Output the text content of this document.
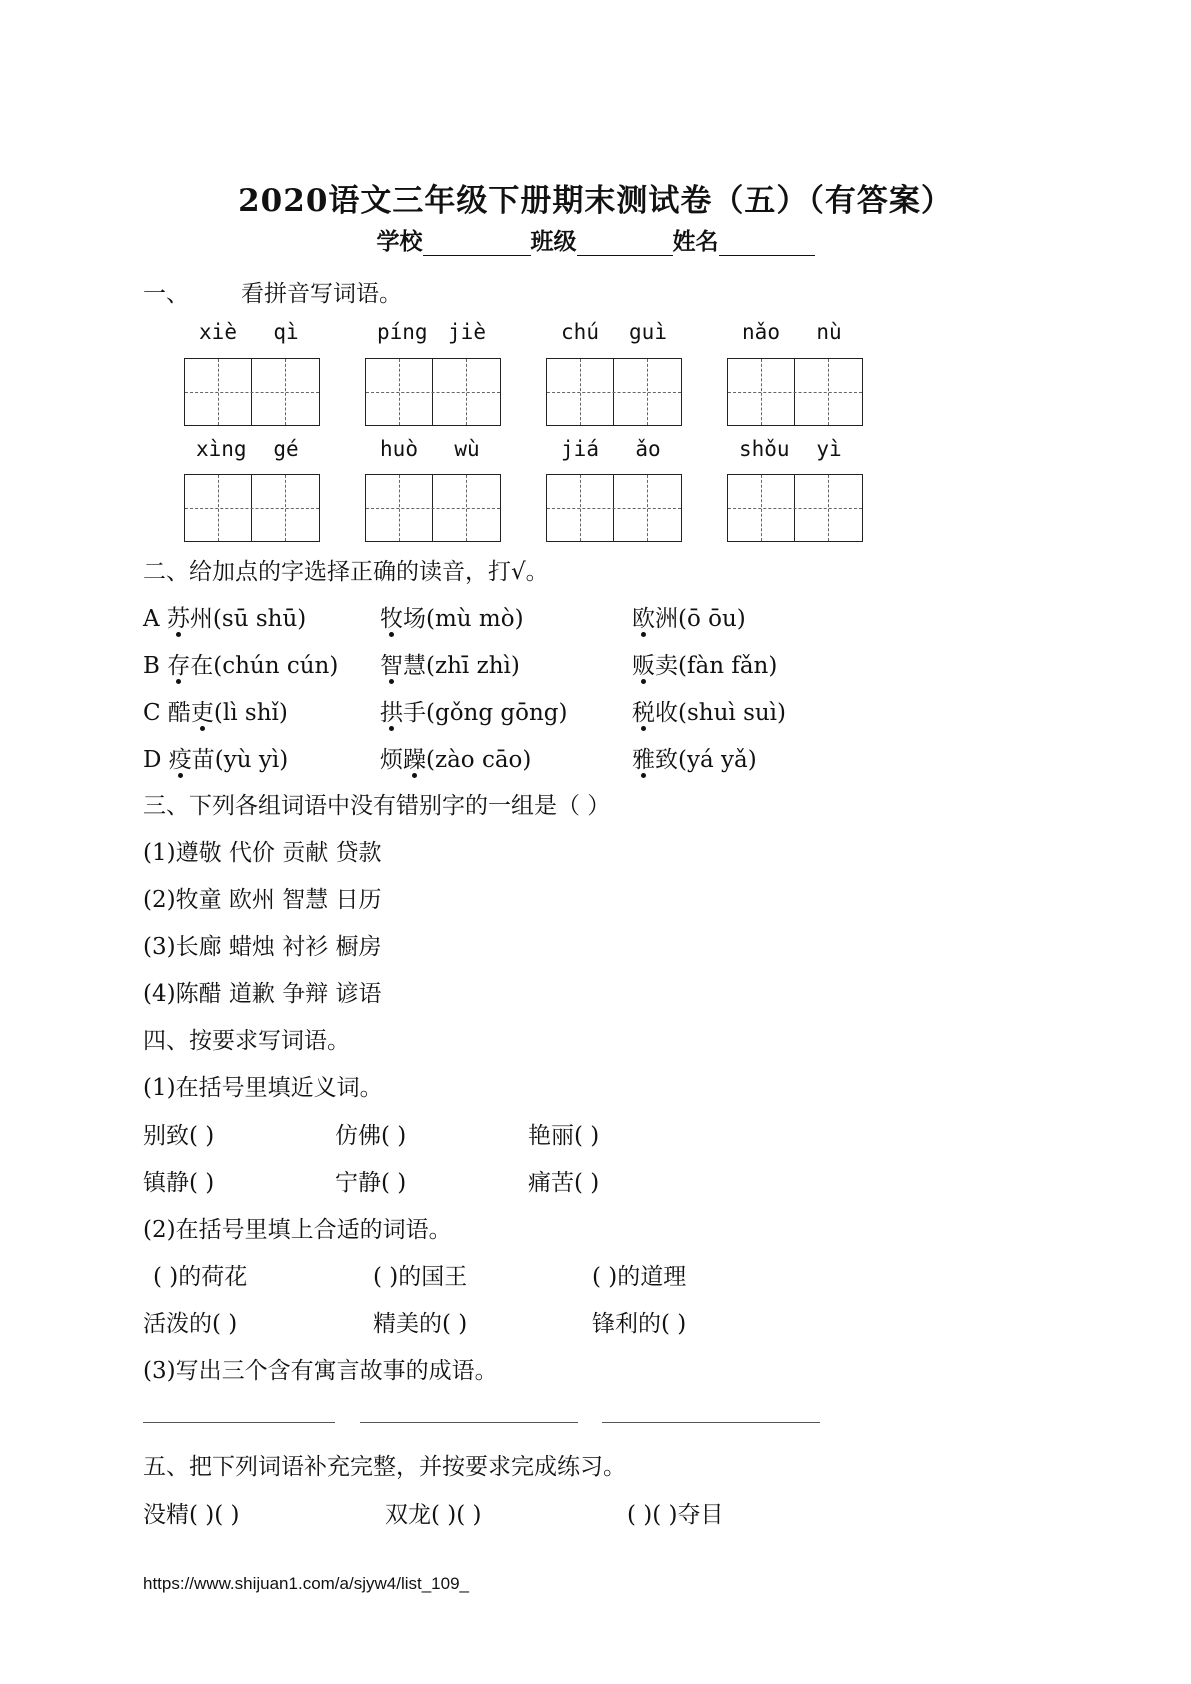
2020语文三年级下册期末测试卷（五）（有答案）
学校	班级	姓名
一、 看拼音写词语。
xiè	qì	píng jiè	chú guì	nǎo	nù
xìng	gé	huò	wù	jiá	ǎo	shǒu	yì
二、给加点的字选择正确的读音，打√。
A 苏州(sū shū)	牧场(mù mò)	欧洲(ō ōu)
B 存在(chún cún) 智慧(zhī zhì)	贩卖(fàn fǎn)
C 酷吏(lì shǐ)	拱手(gǒng gōng)	税收(shuì suì)
D 疫苗(yù yì)	烦躁(zào cāo)	雅致(yá yǎ)
三、下列各组词语中没有错别字的一组是（ ）
(1)遵敬 代价 贡献 贷款
(2)牧童 欧州 智慧 日历
(3)长廊 蜡烛 衬衫 橱房
(4)陈醋 道歉 争辩 谚语
四、按要求写词语。
(1)在括号里填近义词。
别致( )	仿佛( )	艳丽( )
镇静( )	宁静( )	痛苦( )
(2)在括号里填上合适的词语。
( )的荷花	( )的国王	( )的道理
活泼的( )	精美的( )	锋利的( )
(3)写出三个含有寓言故事的成语。
五、把下列词语补充完整，并按要求完成练习。
没精( )( )	双龙( )( )	( )( )夺目
https://www.shijuan1.com/a/sjyw4/list_109_
